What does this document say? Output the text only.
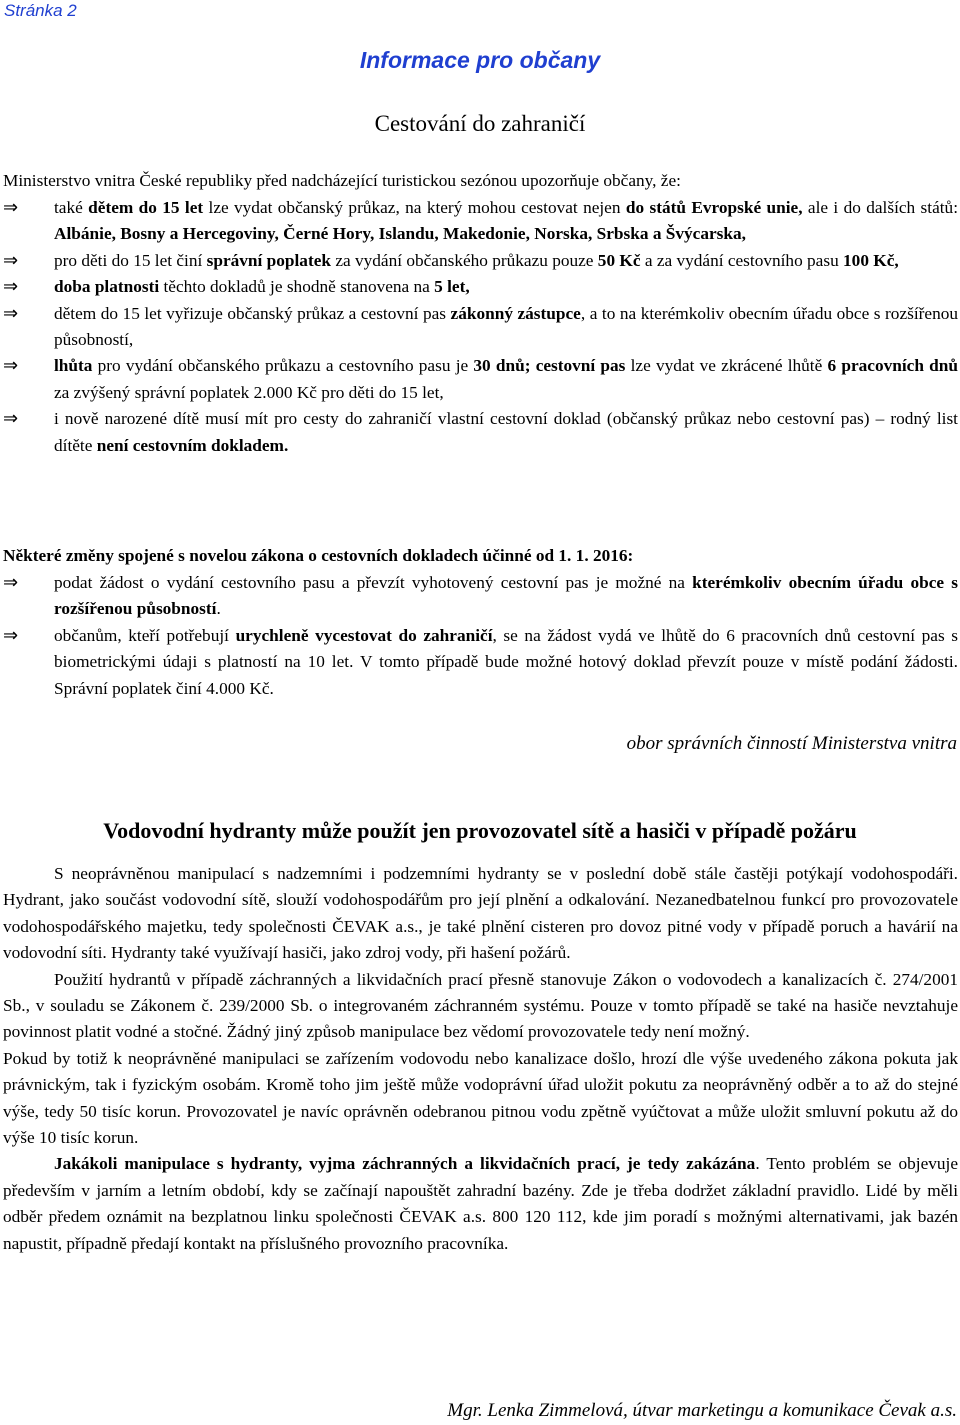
Stránka 2
Informace pro občany
Cestování do zahraničí

Ministerstvo vnitra České republiky před nadcházející turistickou sezónou upozorňuje občany, že:

⇒ také dětem do 15 let lze vydat občanský průkaz, na který mohou cestovat nejen do států Evropské unie, ale i do dalších států: Albánie, Bosny a Hercegoviny, Černé Hory, Islandu, Makedonie, Norska, Srbska a Švýcarska,
⇒ pro děti do 15 let činí správní poplatek za vydání občanského průkazu pouze 50 Kč a za vydání cestovního pasu 100 Kč,
⇒ doba platnosti těchto dokladů je shodně stanovena na 5 let,
⇒ dětem do 15 let vyřizuje občanský průkaz a cestovní pas zákonný zástupce, a to na kterémkoliv obecním úřadu obce s rozšířenou působností,
⇒ lhůta pro vydání občanského průkazu a cestovního pasu je 30 dnů; cestovní pas lze vydat ve zkrácené lhůtě 6 pracovních dnů za zvýšený správní poplatek 2.000 Kč pro děti do 15 let,
⇒ i nově narozené dítě musí mít pro cesty do zahraničí vlastní cestovní doklad (občanský průkaz nebo cestovní pas) – rodný list dítěte není cestovním dokladem.
Některé změny spojené s novelou zákona o cestovních dokladech účinné od 1. 1. 2016:
⇒ podat žádost o vydání cestovního pasu a převzít vyhotovený cestovní pas je možné na kterémkoliv obecním úřadu obce s rozšířenou působností.
⇒ občanům, kteří potřebují urychleně vycestovat do zahraničí, se na žádost vydá ve lhůtě do 6 pracovních dnů cestovní pas s biometrickými údaji s platností na 10 let. V tomto případě bude možné hotový doklad převzít pouze v místě podání žádosti. Správní poplatek činí 4.000 Kč.
obor správních činností Ministerstva vnitra
Vodovodní hydranty může použít jen provozovatel sítě a hasiči v případě požáru

S neoprávněnou manipulací s nadzemními i podzemními hydranty se v poslední době stále častěji potýkají vodohospodáři. Hydrant, jako součást vodovodní sítě, slouží vodohospodářům pro její plnění a odkalování. Nezanedbatelnou funkcí pro provozovatele vodohospodářského majetku, tedy společnosti ČEVAK a.s., je také plnění cisteren pro dovoz pitné vody v případě poruch a havárií na vodovodní síti. Hydranty také využívají hasiči, jako zdroj vody, při hašení požárů.

Použití hydrantů v případě záchranných a likvidačních prací přesně stanovuje Zákon o vodovodech a kanalizacích č. 274/2001 Sb., v souladu se Zákonem č. 239/2000 Sb. o integrovaném záchranném systému. Pouze v tomto případě se také na hasiče nevztahuje povinnost platit vodné a stočné. Žádný jiný způsob manipulace bez vědomí provozovatele tedy není možný.

Pokud by totiž k neoprávněné manipulaci se zařízením vodovodu nebo kanalizace došlo, hrozí dle výše uvedeného zákona pokuta jak právnickým, tak i fyzickým osobám. Kromě toho jim ještě může vodoprávní úřad uložit pokutu za neoprávněný odběr a to až do stejné výše, tedy 50 tisíc korun. Provozovatel je navíc oprávněn odebranou pitnou vodu zpětně vyúčtovat a může uložit smluvní pokutu až do výše 10 tisíc korun.

Jakákoli manipulace s hydranty, vyjma záchranných a likvidačních prací, je tedy zakázána. Tento problém se objevuje především v jarním a letním období, kdy se začínají napouštět zahradní bazény. Zde je třeba dodržet základní pravidlo. Lidé by měli odběr předem oznámit na bezplatnou linku společnosti ČEVAK a.s. 800 120 112, kde jim poradí s možnými alternativami, jak bazén napustit, případně předají kontakt na příslušného provozního pracovníka.

Mgr. Lenka Zimmelová, útvar marketingu a komunikace Čevak a.s.
